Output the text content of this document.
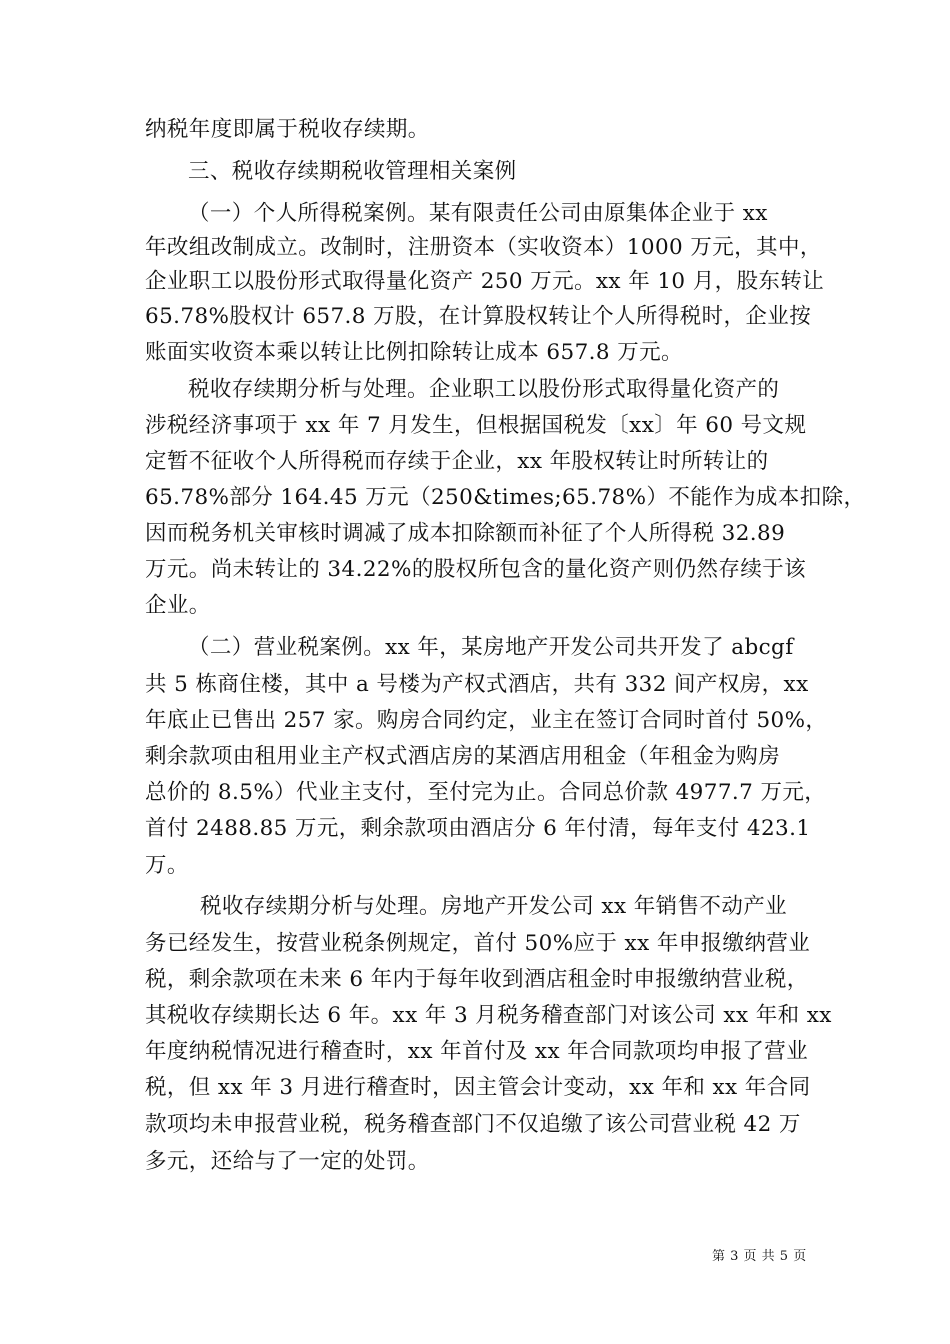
纳税年度即属于税收存续期。
三、税收存续期税收管理相关案例
（一）个人所得税案例。某有限责任公司由原集体企业于 xx
年改组改制成立。改制时，注册资本（实收资本）1000 万元，其中，
企业职工以股份形式取得量化资产 250 万元。xx 年 10 月，股东转让
65.78%股权计 657.8 万股，在计算股权转让个人所得税时，企业按
账面实收资本乘以转让比例扣除转让成本 657.8 万元。
税收存续期分析与处理。企业职工以股份形式取得量化资产的
涉税经济事项于 xx 年 7 月发生，但根据国税发〔xx〕年 60 号文规
定暂不征收个人所得税而存续于企业，xx 年股权转让时所转让的
65.78%部分 164.45 万元（250&times;65.78%）不能作为成本扣除，
因而税务机关审核时调减了成本扣除额而补征了个人所得税 32.89
万元。尚未转让的 34.22%的股权所包含的量化资产则仍然存续于该
企业。
（二）营业税案例。xx 年，某房地产开发公司共开发了 abcgf
共 5 栋商住楼，其中 a 号楼为产权式酒店，共有 332 间产权房，xx
年底止已售出 257 家。购房合同约定，业主在签订合同时首付 50%，
剩余款项由租用业主产权式酒店房的某酒店用租金（年租金为购房
总价的 8.5%）代业主支付，至付完为止。合同总价款 4977.7 万元，
首付 2488.85 万元，剩余款项由酒店分 6 年付清，每年支付 423.1
万。
税收存续期分析与处理。房地产开发公司 xx 年销售不动产业
务已经发生，按营业税条例规定，首付 50%应于 xx 年申报缴纳营业
税，剩余款项在未来 6 年内于每年收到酒店租金时申报缴纳营业税，
其税收存续期长达 6 年。xx 年 3 月税务稽查部门对该公司 xx 年和 xx
年度纳税情况进行稽查时，xx 年首付及 xx 年合同款项均申报了营业
税，但 xx 年 3 月进行稽查时，因主管会计变动，xx 年和 xx 年合同
款项均未申报营业税，税务稽查部门不仅追缴了该公司营业税 42 万
多元，还给与了一定的处罚。
第 3 页 共 5 页
